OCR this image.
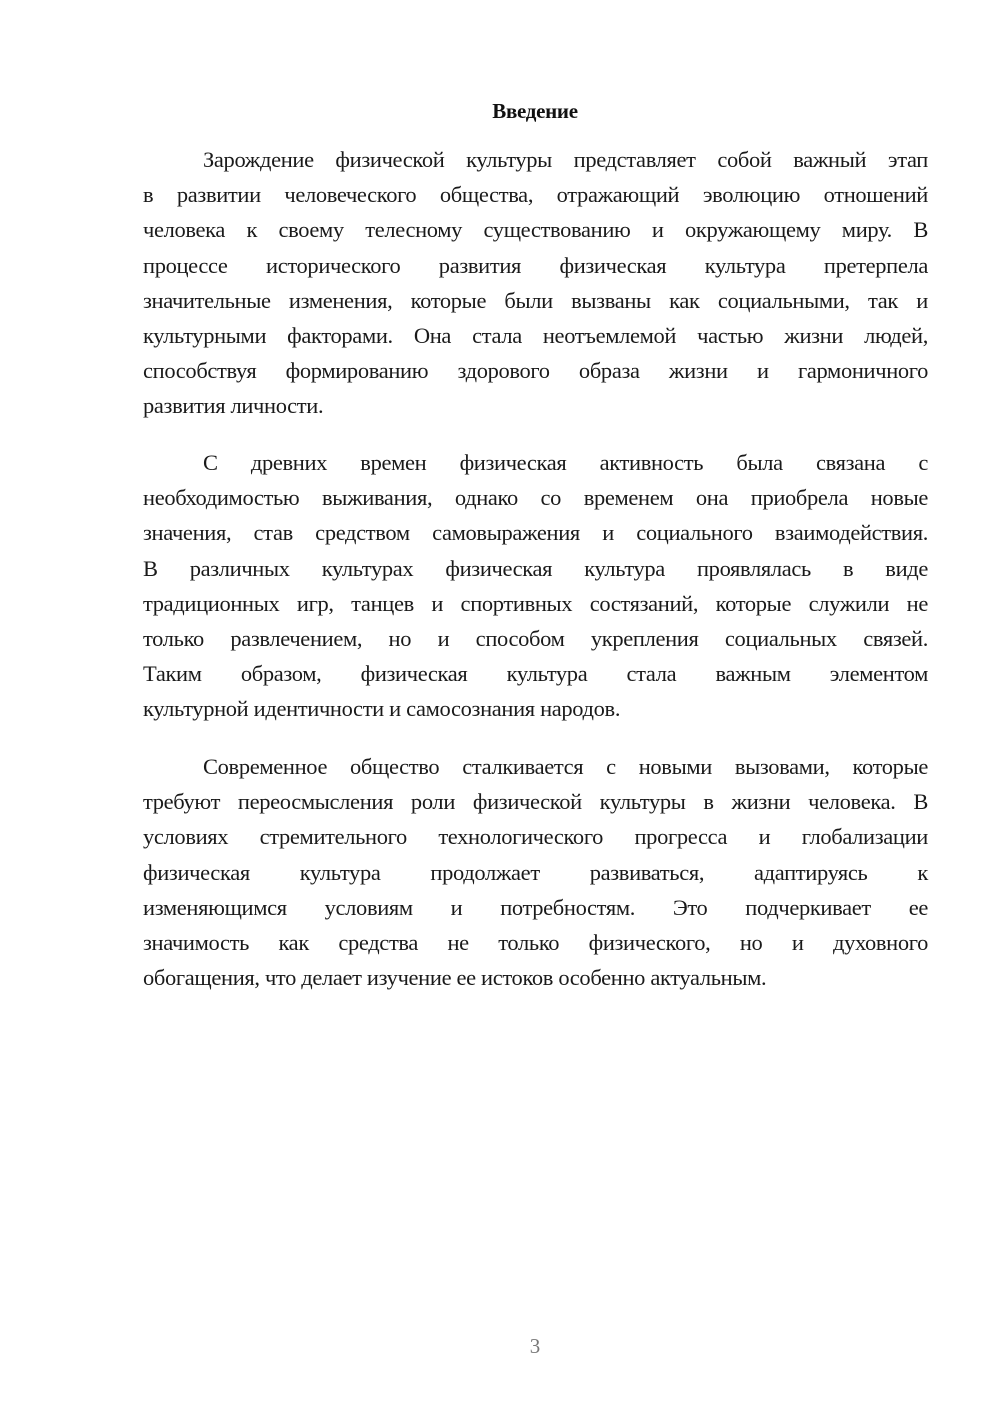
Введение
Зарождение физической культуры представляет собой важный этап
в развитии человеческого общества, отражающий эволюцию отношений
человека к своему телесному существованию и окружающему миру. В
процессе исторического развития физическая культура претерпела
значительные изменения, которые были вызваны как социальными, так и
культурными факторами. Она стала неотъемлемой частью жизни людей,
способствуя формированию здорового образа жизни и гармоничного
развития личности.
С древних времен физическая активность была связана с
необходимостью выживания, однако со временем она приобрела новые
значения, став средством самовыражения и социального взаимодействия.
В различных культурах физическая культура проявлялась в виде
традиционных игр, танцев и спортивных состязаний, которые служили не
только развлечением, но и способом укрепления социальных связей.
Таким образом, физическая культура стала важным элементом
культурной идентичности и самосознания народов.
Современное общество сталкивается с новыми вызовами, которые
требуют переосмысления роли физической культуры в жизни человека. В
условиях стремительного технологического прогресса и глобализации
физическая культура продолжает развиваться, адаптируясь к
изменяющимся условиям и потребностям. Это подчеркивает ее
значимость как средства не только физического, но и духовного
обогащения, что делает изучение ее истоков особенно актуальным.
3
